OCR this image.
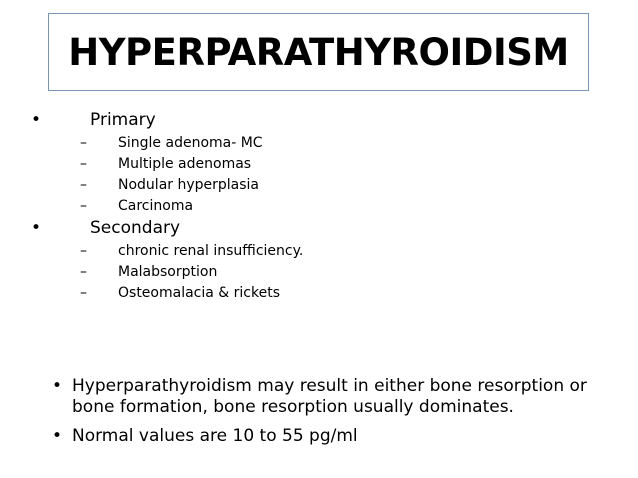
HYPERPARATHYROIDISM
•	Primary
– Single adenoma- MC
– Multiple adenomas
– Nodular hyperplasia
– Carcinoma
•	Secondary
– chronic renal insufficiency.
– Malabsorption
– Osteomalacia & rickets
• Hyperparathyroidism may result in either bone resorption or bone formation, bone resorption usually dominates.
• Normal values are 10 to 55 pg/ml
